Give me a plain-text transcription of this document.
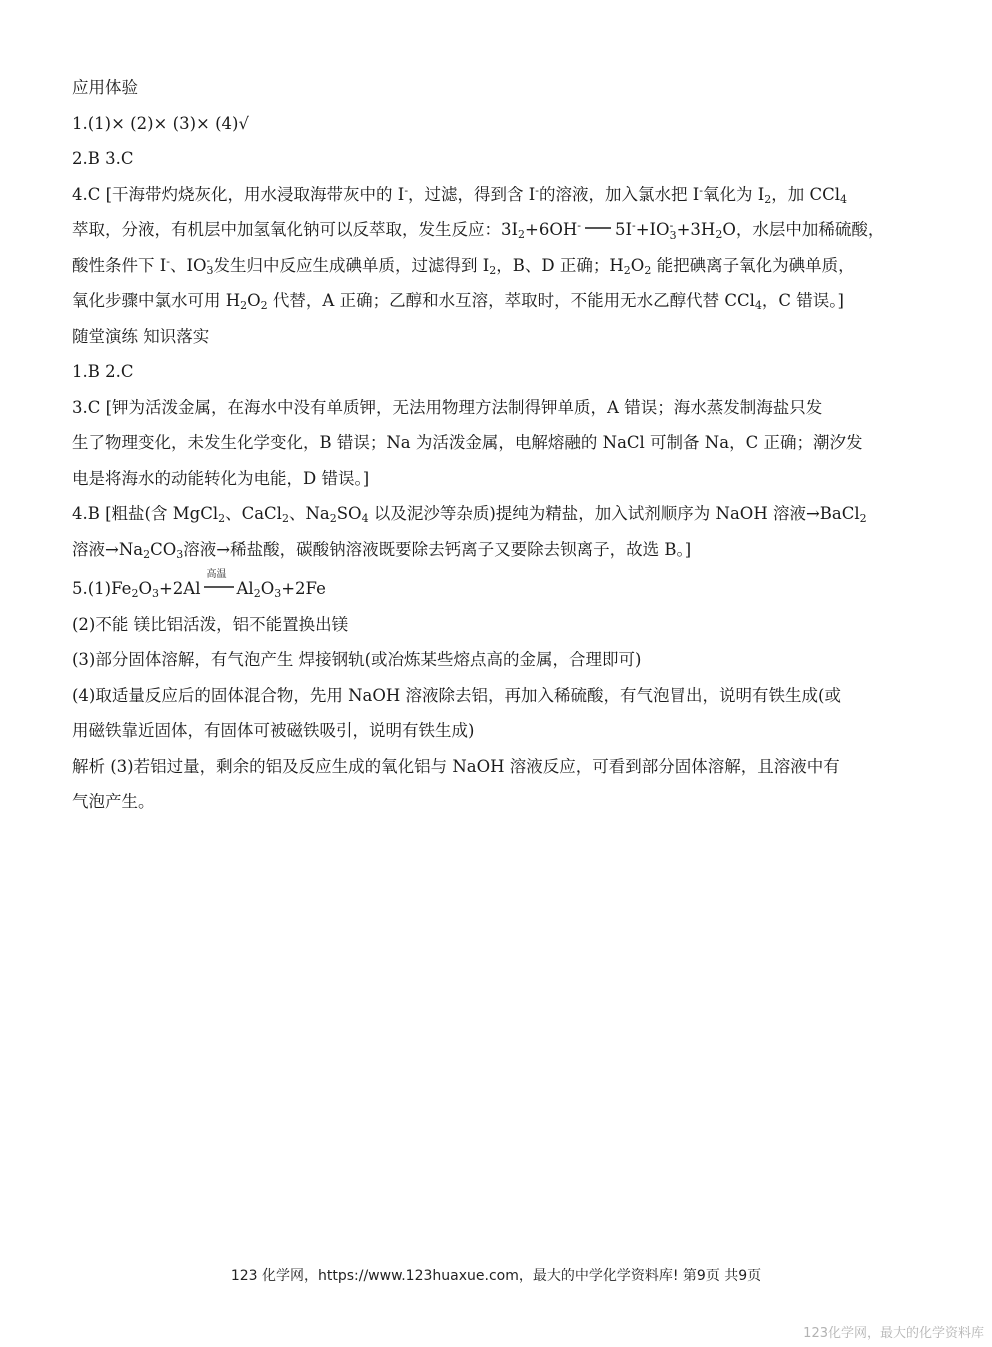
应用体验
1.(1)× (2)× (3)× (4)√
2.B 3.C
4.C [干海带灼烧灰化，用水浸取海带灰中的 I-，过滤，得到含 I-的溶液，加入氯水把 I-氧化为 $I_2$，加 CCl$_4$
萃取，分液，有机层中加氢氧化钠可以反萃取，发生反应：$3I_2+6OH^-$ 5I-+IO -
$3 +3H_2O$，水层中加稀硫酸，
酸性条件下 I-、IO -
3 发生归中反应生成碘单质，过滤得到 $I_2$，B、D 正确；$H_2O_2$ 能把碘离子氧化为碘单质，
氧化步骤中氯水可用 $H_2O_2$ 代替，A 正确；乙醇和水互溶，萃取时，不能用无水乙醇代替 CCl$_4$，C 错误。]
随堂演练 知识落实
1.B 2.C
3.C [钾为活泼金属，在海水中没有单质钾，无法用物理方法制得钾单质，A 错误；海水蒸发制海盐只发
生了物理变化，未发生化学变化，B 错误；Na 为活泼金属，电解熔融的 NaCl 可制备 Na，C 正确；潮汐发
电是将海水的动能转化为电能，D 错误。]
4.B [粗盐(含 MgCl$_2$、CaCl$_2$、$Na_2SO_4$ 以及泥沙等杂质)提纯为精盐，加入试剂顺序为 NaOH 溶液→BaCl$_2$
溶液$\to Na_2CO_3$溶液→稀盐酸，碳酸钠溶液既要除去钙离子又要除去钡离子，故选 B。]
$5.(1)Fe_2O_3+2Al$
高温
$Al_2O_3+2Fe$
(2)不能 镁比铝活泼，铝不能置换出镁
(3)部分固体溶解，有气泡产生 焊接钢轨(或冶炼某些熔点高的金属，合理即可)
(4)取适量反应后的固体混合物，先用 NaOH 溶液除去铝，再加入稀硫酸，有气泡冒出，说明有铁生成(或
用磁铁靠近固体，有固体可被磁铁吸引，说明有铁生成)
解析 (3)若铝过量，剩余的铝及反应生成的氧化铝与 NaOH 溶液反应，可看到部分固体溶解，且溶液中有
气泡产生。
123 化学网，https://www.123huaxue.com，最大的中学化学资料库! 第9页 共9页
123化学网，最大的化学资料库
